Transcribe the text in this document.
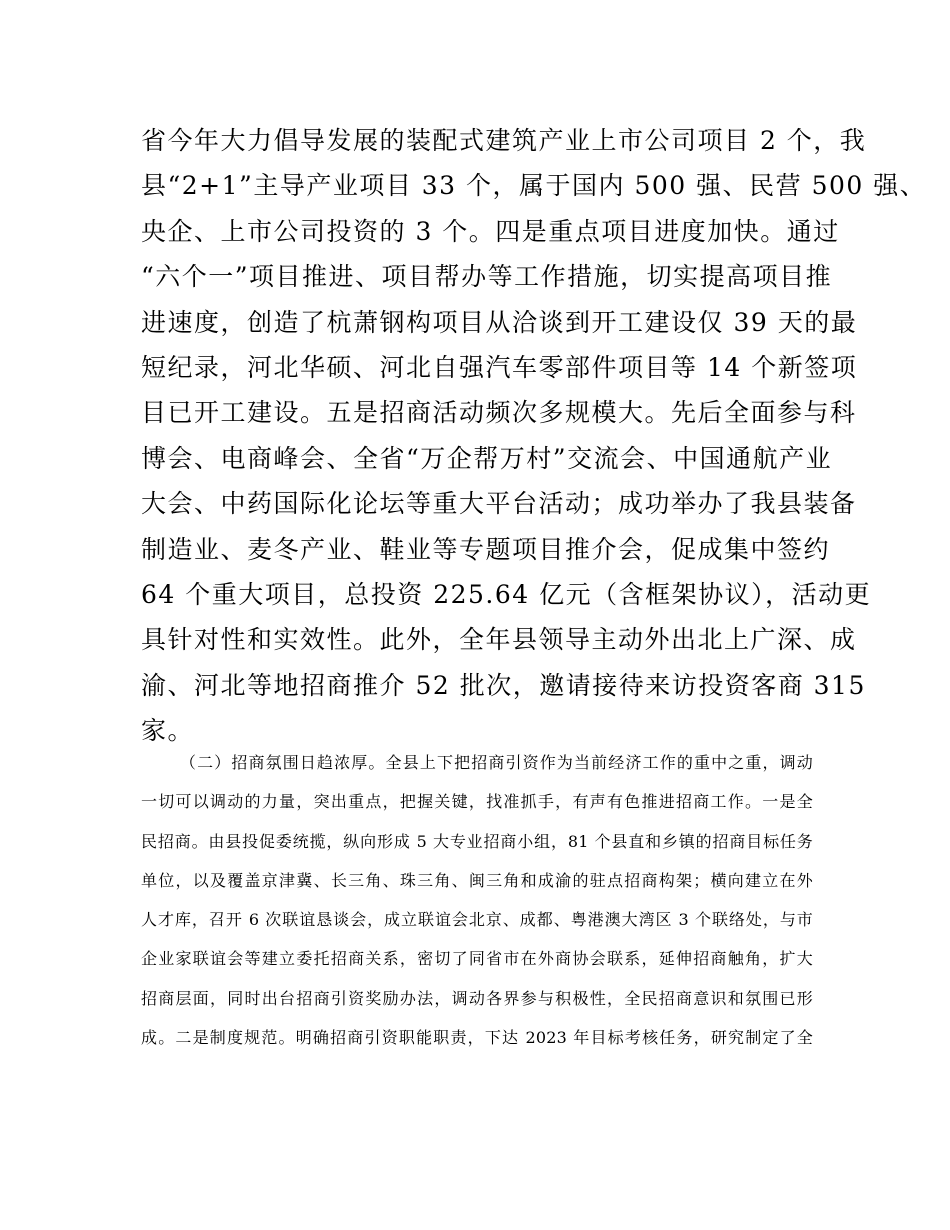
省今年大力倡导发展的装配式建筑产业上市公司项目 2 个，我
县“2+1”主导产业项目 33 个，属于国内 500 强、民营 500 强、
央企、上市公司投资的 3 个。四是重点项目进度加快。通过
“六个一”项目推进、项目帮办等工作措施，切实提高项目推
进速度，创造了杭萧钢构项目从洽谈到开工建设仅 39 天的最
短纪录，河北华硕、河北自强汽车零部件项目等 14 个新签项
目已开工建设。五是招商活动频次多规模大。先后全面参与科
博会、电商峰会、全省“万企帮万村”交流会、中国通航产业
大会、中药国际化论坛等重大平台活动；成功举办了我县装备
制造业、麦冬产业、鞋业等专题项目推介会，促成集中签约
64 个重大项目，总投资 225.64 亿元（含框架协议），活动更
具针对性和实效性。此外，全年县领导主动外出北上广深、成
渝、河北等地招商推介 52 批次，邀请接待来访投资客商 315
家。
（二）招商氛围日趋浓厚。全县上下把招商引资作为当前经济工作的重中之重，调动
一切可以调动的力量，突出重点，把握关键，找准抓手，有声有色推进招商工作。一是全
民招商。由县投促委统揽，纵向形成 5 大专业招商小组，81 个县直和乡镇的招商目标任务
单位，以及覆盖京津冀、长三角、珠三角、闽三角和成渝的驻点招商构架；横向建立在外
人才库，召开 6 次联谊恳谈会，成立联谊会北京、成都、粤港澳大湾区 3 个联络处，与市
企业家联谊会等建立委托招商关系，密切了同省市在外商协会联系，延伸招商触角，扩大
招商层面，同时出台招商引资奖励办法，调动各界参与积极性，全民招商意识和氛围已形
成。二是制度规范。明确招商引资职能职责，下达 2023 年目标考核任务，研究制定了全
